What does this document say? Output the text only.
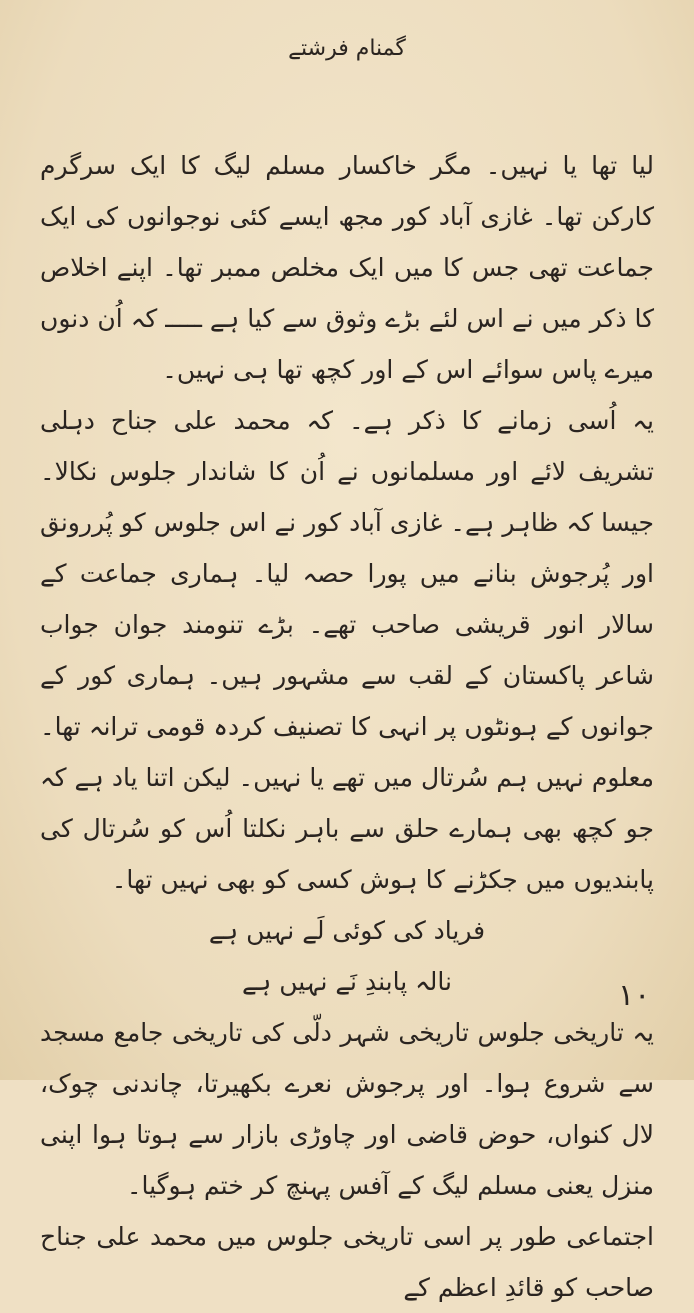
گمنام فرشتے

لیا تھا یا نہیں۔ مگر خاکسار مسلم لیگ کا ایک سرگرم کارکن تھا۔ غازی آباد کور مجھ ایسے کئی نوجوانوں کی ایک جماعت تھی جس کا میں ایک مخلص ممبر تھا۔ اپنے اخلاص کا ذکر میں نے اس لئے بڑے وثوق سے کیا ہے ـــــ کہ اُن دنوں میرے پاس سوائے اس کے اور کچھ تھا ہی نہیں۔

یہ اُسی زمانے کا ذکر ہے۔ کہ محمد علی جناح دہلی تشریف لائے اور مسلمانوں نے اُن کا شاندار جلوس نکالا۔ جیسا کہ ظاہر ہے۔ غازی آباد کور نے اس جلوس کو پُررونق اور پُرجوش بنانے میں پورا حصہ لیا۔ ہماری جماعت کے سالار انور قریشی صاحب تھے۔ بڑے تنومند جوان جواب شاعر پاکستان کے لقب سے مشہور ہیں۔ ہماری کور کے جوانوں کے ہونٹوں پر انہی کا تصنیف کردہ قومی ترانہ تھا۔ معلوم نہیں ہم سُرتال میں تھے یا نہیں۔ لیکن اتنا یاد ہے کہ جو کچھ بھی ہمارے حلق سے باہر نکلتا اُس کو سُرتال کی پابندیوں میں جکڑنے کا ہوش کسی کو بھی نہیں تھا۔

فریاد کی کوئی لَے نہیں ہے
نالہ پابندِ نَے نہیں ہے

یہ تاریخی جلوس تاریخی شہر دلّی کی تاریخی جامع مسجد سے شروع ہوا۔ اور پرجوش نعرے بکھیرتا، چاندنی چوک، لال کنواں، حوض قاضی اور چاوڑی بازار سے ہوتا ہوا اپنی منزل یعنی مسلم لیگ کے آفس پہنچ کر ختم ہوگیا۔

اجتماعی طور پر اسی تاریخی جلوس میں محمد علی جناح صاحب کو قائدِ اعظم کے

۱۰
